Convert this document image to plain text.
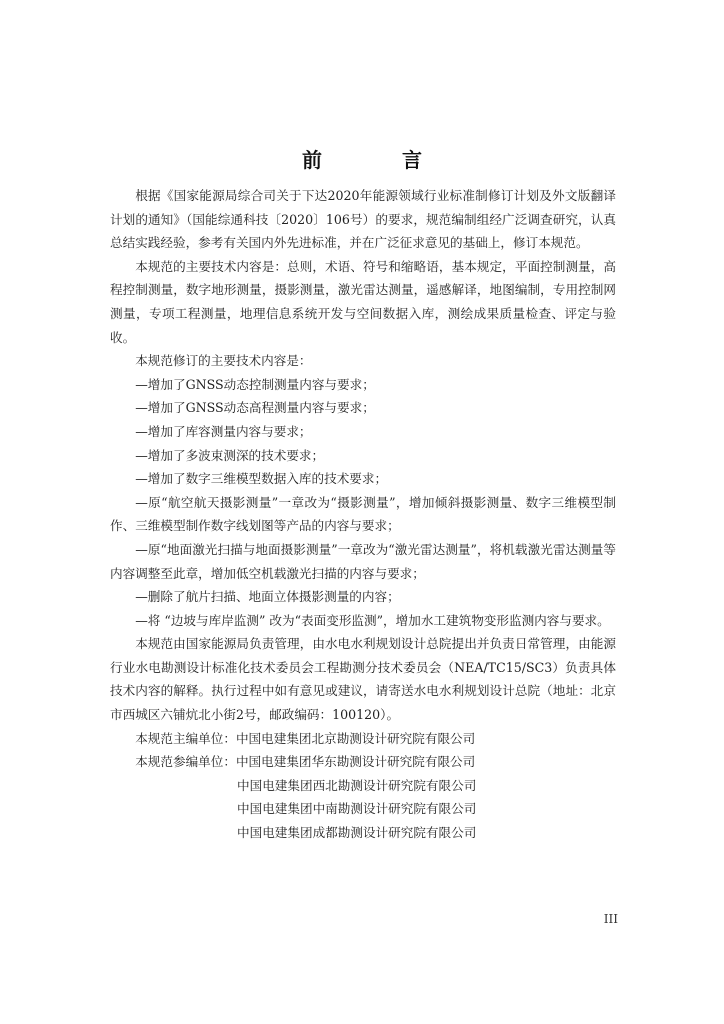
前　言

根据《国家能源局综合司关于下达2020年能源领域行业标准制修订计划及外文版翻译计划的通知》（国能综通科技〔2020〕106号）的要求，规范编制组经广泛调查研究，认真总结实践经验，参考有关国内外先进标准，并在广泛征求意见的基础上，修订本规范。

本规范的主要技术内容是：总则，术语、符号和缩略语，基本规定，平面控制测量，高程控制测量，数字地形测量，摄影测量，激光雷达测量，遥感解译，地图编制，专用控制网测量，专项工程测量，地理信息系统开发与空间数据入库，测绘成果质量检查、评定与验收。

本规范修订的主要技术内容是：

—增加了GNSS动态控制测量内容与要求；

—增加了GNSS动态高程测量内容与要求；

—增加了库容测量内容与要求；

—增加了多波束测深的技术要求；

—增加了数字三维模型数据入库的技术要求；

—原“航空航天摄影测量”一章改为“摄影测量”，增加倾斜摄影测量、数字三维模型制作、三维模型制作数字线划图等产品的内容与要求；

—原“地面激光扫描与地面摄影测量”一章改为“激光雷达测量”，将机载激光雷达测量等内容调整至此章，增加低空机载激光扫描的内容与要求；

—删除了航片扫描、地面立体摄影测量的内容；

—将 “边坡与库岸监测” 改为“表面变形监测”，增加水工建筑物变形监测内容与要求。

本规范由国家能源局负责管理，由水电水利规划设计总院提出并负责日常管理，由能源行业水电勘测设计标准化技术委员会工程勘测分技术委员会（NEA/TC15/SC3）负责具体技术内容的解释。执行过程中如有意见或建议，请寄送水电水利规划设计总院（地址：北京市西城区六铺炕北小街2号，邮政编码：100120）。

本规范主编单位：中国电建集团北京勘测设计研究院有限公司
本规范参编单位：中国电建集团华东勘测设计研究院有限公司
中国电建集团西北勘测设计研究院有限公司
中国电建集团中南勘测设计研究院有限公司
中国电建集团成都勘测设计研究院有限公司
III
